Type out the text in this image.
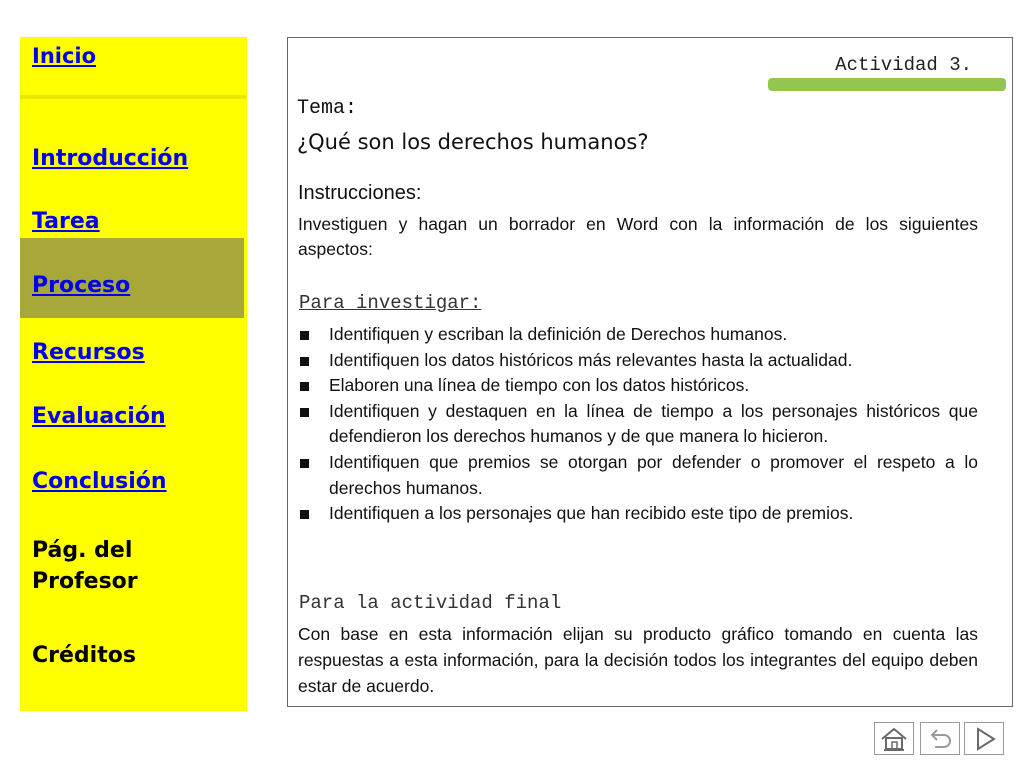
Inicio
Introducción
Tarea
Proceso
Recursos
Evaluación
Conclusión
Pág. del
Profesor
Créditos
Actividad 3.
Tema:
¿Qué son los derechos humanos?
Instrucciones:

Investiguen y hagan un borrador en Word con la información de los siguientes aspectos:

Para investigar:
Identifiquen y escriban la definición de Derechos humanos.
Identifiquen los datos históricos más relevantes hasta la actualidad.
Elaboren una línea de tiempo con los datos históricos.
Identifiquen y destaquen en la línea de tiempo a los personajes históricos que defendieron los derechos humanos y de que manera lo hicieron.
Identifiquen que premios se otorgan por defender o promover el respeto a lo derechos humanos.
Identifiquen a los personajes que han recibido este tipo de premios.
Para la actividad final

Con base en esta información elijan su producto gráfico tomando en cuenta las respuestas a esta información, para la decisión todos los integrantes del equipo deben estar de acuerdo.
